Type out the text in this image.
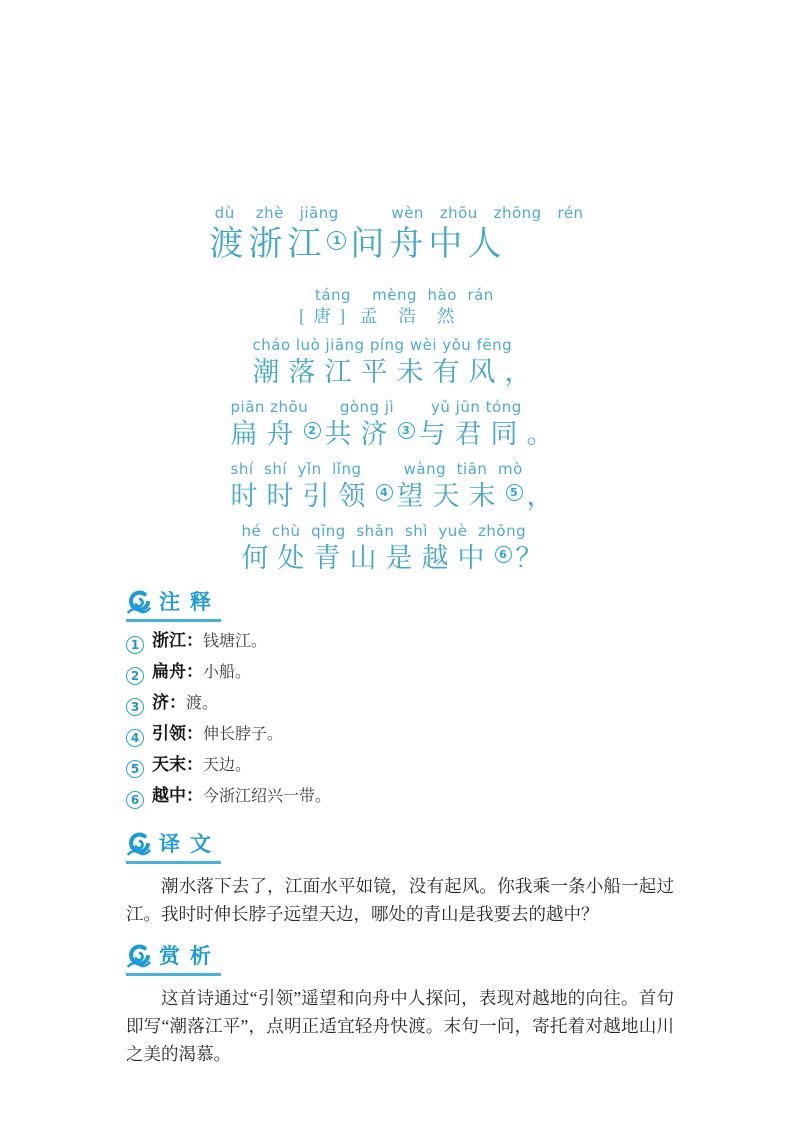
dù    zhè   jiāng          wèn   zhōu   zhōng   rén
渡浙江 1 问舟中人
táng    mèng  hào  rán
[ 唐 ]  孟   浩   然
cháo luò jiāng píng wèi yǒu fēng
潮落江平未有风，
piān zhōu      gòng jì       yǔ jūn tóng
扁舟 2 共济 3 与君同。
shí  shí  yǐn  lǐng        wàng  tiān  mò
时时引领 4 望天末 5 ，
hé  chù  qīng  shān  shì  yuè  zhōng
何处青山是越中 6 ？
注 释
1 浙江：钱塘江。
2 扁舟：小船。
3 济：渡。
4 引领：伸长脖子。
5 天末：天边。
6 越中：今浙江绍兴一带。
译 文

潮水落下去了，江面水平如镜，没有起风。你我乘一条小船一起过江。我时时伸长脖子远望天边，哪处的青山是我要去的越中？

赏 析

这首诗通过“引领”遥望和向舟中人探问，表现对越地的向往。首句即写“潮落江平”，点明正适宜轻舟快渡。末句一问，寄托着对越地山川之美的渴慕。
